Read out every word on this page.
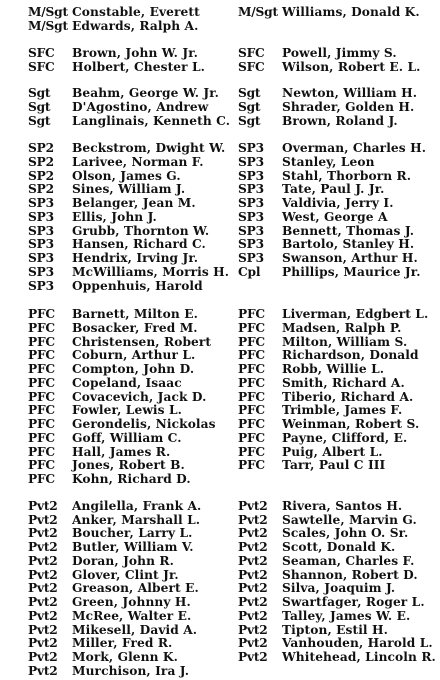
M/Sgt Constable, Everett
M/Sgt Edwards, Ralph A.
SFC	Brown, John W. Jr.
SFC	Holbert, Chester L.
Sgt	Beahm, George W. Jr.
Sgt	D'Agostino, Andrew
Sgt	Langlinais, Kenneth C.
SP2	Beckstrom, Dwight W.
SP2	Larivee, Norman F.
SP2	Olson, James G.
SP2	Sines, William J.
SP3	Belanger, Jean M.
SP3	Ellis, John J.
SP3	Grubb, Thornton W.
SP3	Hansen, Richard C.
SP3	Hendrix, Irving Jr.
SP3	McWilliams, Morris H.
SP3	Oppenhuis, Harold
PFC	Barnett, Milton E.
PFC	Bosacker, Fred M.
PFC	Christensen, Robert
PFC	Coburn, Arthur L.
PFC	Compton, John D.
PFC	Copeland, Isaac
PFC	Covacevich, Jack D.
PFC	Fowler, Lewis L.
PFC	Gerondelis, Nickolas
PFC	Goff, William C.
PFC	Hall, James R.
PFC	Jones, Robert B.
PFC	Kohn, Richard D.
Pvt2	Angilella, Frank A.
Pvt2	Anker, Marshall L.
Pvt2	Boucher, Larry L.
Pvt2	Butler, William V.
Pvt2	Doran, John R.
Pvt2	Glover, Clint Jr.
Pvt2	Greason, Albert E.
Pvt2	Green, Johnny H.
Pvt2	McRee, Walter E.
Pvt2	Mikesell, David A.
Pvt2	Miller, Fred R.
Pvt2	Mork, Glenn K.
Pvt2	Murchison, Ira J.
M/Sgt Williams, Donald K.
SFC	Powell, Jimmy S.
SFC	Wilson, Robert E. L.
Sgt	Newton, William H.
Sgt	Shrader, Golden H.
Sgt	Brown, Roland J.
SP3	Overman, Charles H.
SP3	Stanley, Leon
SP3	Stahl, Thorborn R.
SP3	Tate, Paul J. Jr.
SP3	Valdivia, Jerry I.
SP3	West, George A
SP3	Bennett, Thomas J.
SP3	Bartolo, Stanley H.
SP3	Swanson, Arthur H.
Cpl	Phillips, Maurice Jr.
PFC	Liverman, Edgbert L.
PFC	Madsen, Ralph P.
PFC	Milton, William S.
PFC	Richardson, Donald
PFC	Robb, Willie L.
PFC	Smith, Richard A.
PFC	Tiberio, Richard A.
PFC	Trimble, James F.
PFC	Weinman, Robert S.
PFC	Payne, Clifford, E.
PFC	Puig, Albert L.
PFC	Tarr, Paul C III
Pvt2	Rivera, Santos H.
Pvt2	Sawtelle, Marvin G.
Pvt2	Scales, John O. Sr.
Pvt2	Scott, Donald K.
Pvt2	Seaman, Charles F.
Pvt2	Shannon, Robert D.
Pvt2	Silva, Joaquim J.
Pvt2	Swartfager, Roger L.
Pvt2	Talley, James W. E.
Pvt2	Tipton, Estil H.
Pvt2	Vanhouden, Harold L.
Pvt2	Whitehead, Lincoln R.
